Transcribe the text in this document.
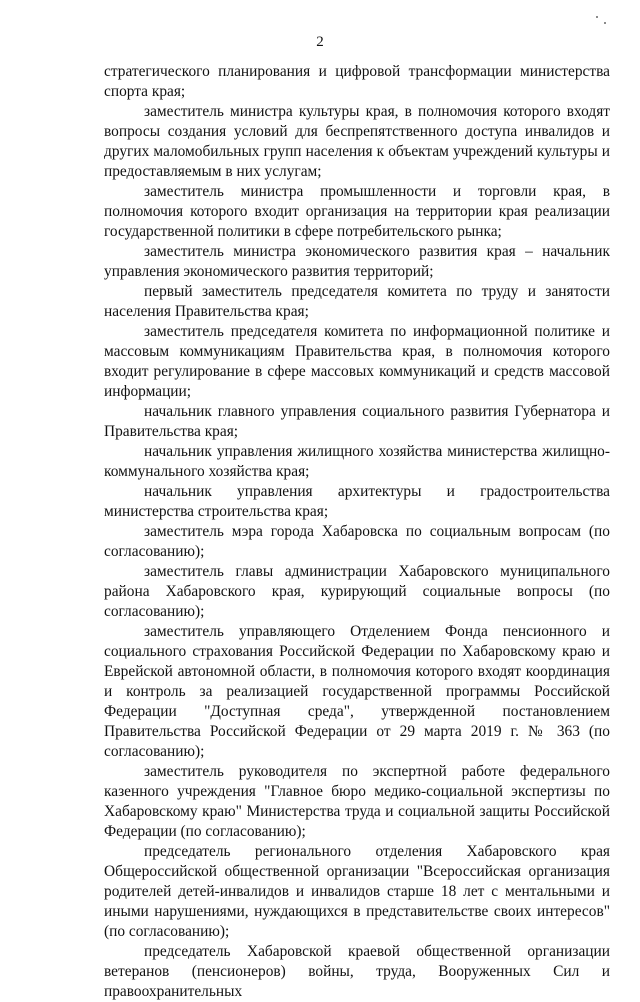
2

стратегического планирования и цифровой трансформации министерства спорта края;

заместитель министра культуры края, в полномочия которого входят вопросы создания условий для беспрепятственного доступа инвалидов и других маломобильных групп населения к объектам учреждений культуры и предоставляемым в них услугам;

заместитель министра промышленности и торговли края, в полномочия которого входит организация на территории края реализации государственной политики в сфере потребительского рынка;

заместитель министра экономического развития края – начальник управления экономического развития территорий;

первый заместитель председателя комитета по труду и занятости населения Правительства края;

заместитель председателя комитета по информационной политике и массовым коммуникациям Правительства края, в полномочия которого входит регулирование в сфере массовых коммуникаций и средств массовой информации;

начальник главного управления социального развития Губернатора и Правительства края;

начальник управления жилищного хозяйства министерства жилищно-коммунального хозяйства края;

начальник управления архитектуры и градостроительства министерства строительства края;

заместитель мэра города Хабаровска по социальным вопросам (по согласованию);

заместитель главы администрации Хабаровского муниципального района Хабаровского края, курирующий социальные вопросы (по согласованию);

заместитель управляющего Отделением Фонда пенсионного и социального страхования Российской Федерации по Хабаровскому краю и Еврейской автономной области, в полномочия которого входят координация и контроль за реализацией государственной программы Российской Федерации "Доступная среда", утвержденной постановлением Правительства Российской Федерации от 29 марта 2019 г. № 363 (по согласованию);

заместитель руководителя по экспертной работе федерального казенного учреждения "Главное бюро медико-социальной экспертизы по Хабаровскому краю" Министерства труда и социальной защиты Российской Федерации (по согласованию);

председатель регионального отделения Хабаровского края Общероссийской общественной организации "Всероссийская организация родителей детей-инвалидов и инвалидов старше 18 лет с ментальными и иными нарушениями, нуждающихся в представительстве своих интересов" (по согласованию);

председатель Хабаровской краевой общественной организации ветеранов (пенсионеров) войны, труда, Вооруженных Сил и правоохранительных
